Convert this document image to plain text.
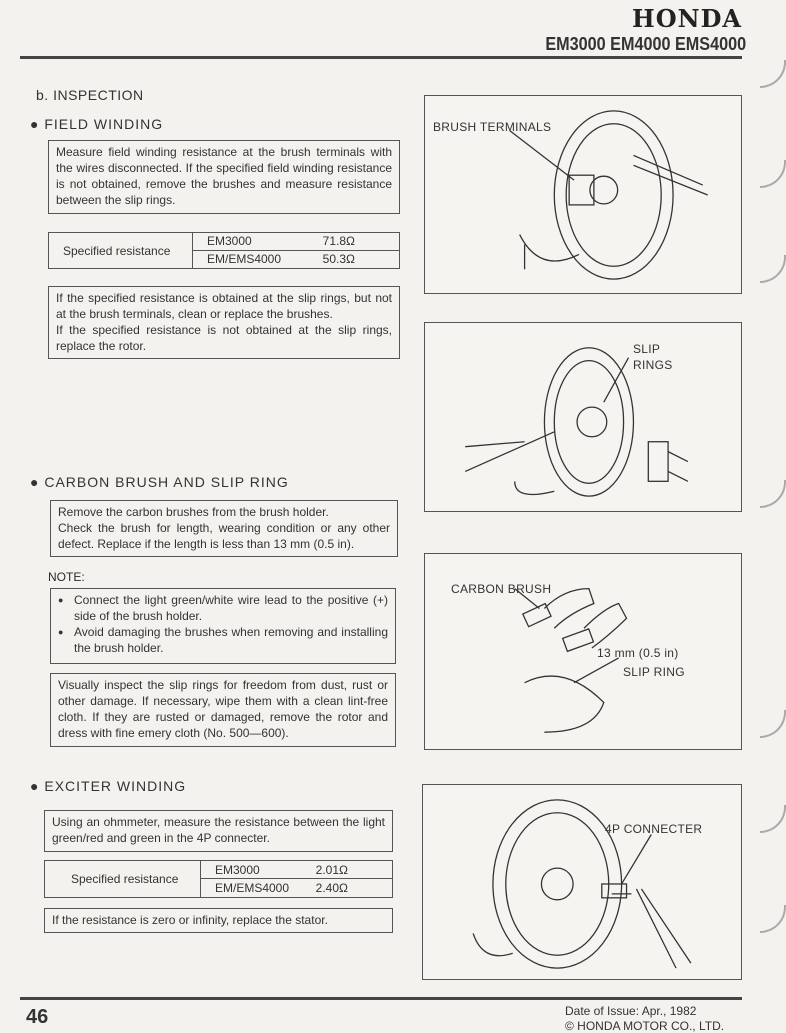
HONDA
EM3000 EM4000 EMS4000
b. INSPECTION
● FIELD WINDING
Measure field winding resistance at the brush terminals with the wires disconnected. If the specified field winding resistance is not obtained, remove the brushes and measure resistance between the slip rings.
Specified resistance
EM3000	71.8Ω
EM/EMS4000	50.3Ω
If the specified resistance is obtained at the slip rings, but not at the brush terminals, clean or replace the brushes.
If the specified resistance is not obtained at the slip rings, replace the rotor.
● CARBON BRUSH AND SLIP RING
Remove the carbon brushes from the brush holder.
Check the brush for length, wearing condition or any other defect. Replace if the length is less than 13 mm (0.5 in).
NOTE:
● Connect the light green/white wire lead to the positive (+) side of the brush holder.
● Avoid damaging the brushes when removing and installing the brush holder.
Visually inspect the slip rings for freedom from dust, rust or other damage. If necessary, wipe them with a clean lint-free cloth. If they are rusted or damaged, remove the rotor and dress with fine emery cloth (No. 500—600).
● EXCITER WINDING
Using an ohmmeter, measure the resistance between the light green/red and green in the 4P connecter.
Specified resistance
EM3000	2.01Ω
EM/EMS4000 2.40Ω
If the resistance is zero or infinity, replace the stator.
BRUSH TERMINALS
SLIP
RINGS
CARBON BRUSH
13 mm (0.5 in)
SLIP RING
4P CONNECTER
46	Date of Issue: Apr., 1982
© HONDA MOTOR CO., LTD.
